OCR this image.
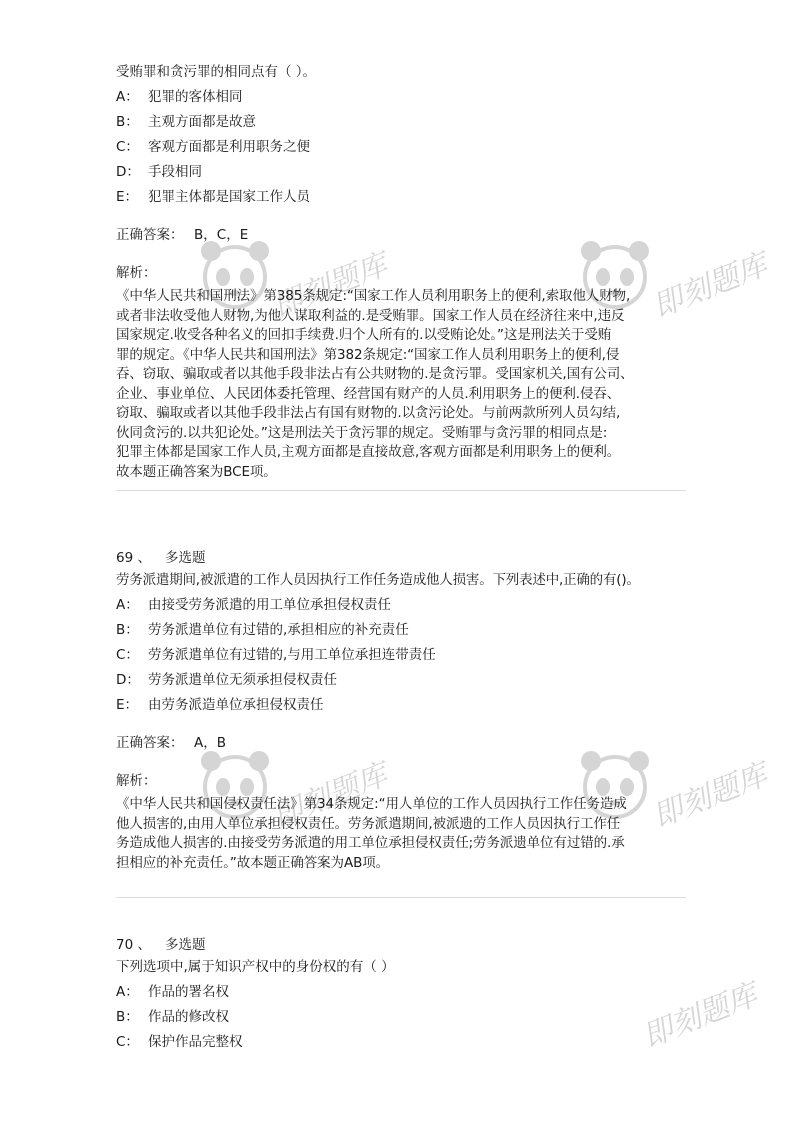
即刻题库	即刻题库
即刻题库	即刻题库
即刻题库

受贿罪和贪污罪的相同点有（ ）。

A： 犯罪的客体相同

B： 主观方面都是故意

C： 客观方面都是利用职务之便

D： 手段相同

E： 犯罪主体都是国家工作人员

正确答案： B，C，E
解析：
《中华人民共和国刑法》第385条规定:“国家工作人员利用职务上的便利,索取他人财物,
或者非法收受他人财物,为他人谋取利益的.是受贿罪。国家工作人员在经济往来中,违反
国家规定.收受各种名义的回扣手续费.归个人所有的.以受贿论处。”这是刑法关于受贿
罪的规定。《中华人民共和国刑法》第382条规定:“国家工作人员利用职务上的便利,侵
吞、窃取、骗取或者以其他手段非法占有公共财物的.是贪污罪。受国家机关,国有公司、
企业、事业单位、人民团体委托管理、经营国有财产的人员.利用职务上的便利.侵吞、
窃取、骗取或者以其他手段非法占有国有财物的.以贪污论处。与前两款所列人员勾结,
伙同贪污的.以共犯论处。”这是刑法关于贪污罪的规定。受贿罪与贪污罪的相同点是:
犯罪主体都是国家工作人员,主观方面都是直接故意,客观方面都是利用职务上的便利。
故本题正确答案为BCE项。

69 、 多选题

劳务派遣期间,被派遣的工作人员因执行工作任务造成他人损害。下列表述中,正确的有()。

A： 由接受劳务派遣的用工单位承担侵权责任

B： 劳务派遣单位有过错的,承担相应的补充责任

C： 劳务派遣单位有过错的,与用工单位承担连带责任

D： 劳务派遣单位无须承担侵权责任

E： 由劳务派造单位承担侵权责任

正确答案： A，B
解析：
《中华人民共和国侵权责任法》第34条规定:“用人单位的工作人员因执行工作任务造成
他人损害的,由用人单位承担侵权责任。劳务派遣期间,被派遗的工作人员因执行工作任
务造成他人损害的.由接受劳务派遣的用工单位承担侵权责任;劳务派遗单位有过错的.承
担相应的补充责任。”故本题正确答案为AB项。

70 、 多选题

下列选项中,属于知识产权中的身份权的有（ ）

A： 作品的署名权

B： 作品的修改权

C： 保护作品完整权
